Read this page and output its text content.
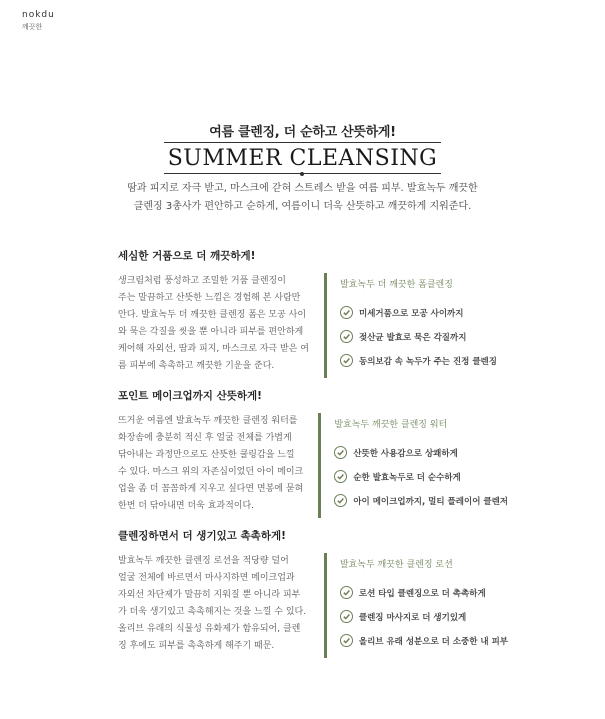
nokdu
깨끗한
여름 클렌징, 더 순하고 산뜻하게!
SUMMER CLEANSING
땀과 피지로 자극 받고, 마스크에 갇혀 스트레스 받을 여름 피부. 발효녹두 깨끗한
클렌징 3총사가 편안하고 순하게, 여름이니 더욱 산뜻하고 깨끗하게 지워준다.
세심한 거품으로 더 깨끗하게!
생크림처럼 풍성하고 조밀한 거품 클렌징이
주는 말끔하고 산뜻한 느낌은 경험해 본 사람만
안다. 발효녹두 더 깨끗한 클렌징 폼은 모공 사이
와 묵은 각질을 씻을 뿐 아니라 피부를 편안하게
케어해 자외선, 땀과 피지, 마스크로 자극 받은 여
름 피부에 촉촉하고 깨끗한 기운을 준다.
발효녹두 더 깨끗한 폼클렌징
미세거품으로 모공 사이까지
젖산균 발효로 묵은 각질까지
동의보감 속 녹두가 주는 진정 클렌징
포인트 메이크업까지 산뜻하게!
뜨거운 여름엔 발효녹두 깨끗한 클렌징 워터를
화장솜에 충분히 적신 후 얼굴 전체를 가볍게
닦아내는 과정만으로도 산뜻한 쿨링감을 느낄
수 있다. 마스크 위의 자존심이었던 아이 메이크
업을 좀 더 꼼꼼하게 지우고 싶다면 면봉에 묻혀
한번 더 닦아내면 더욱 효과적이다.
발효녹두 깨끗한 클렌징 워터
산뜻한 사용감으로 상쾌하게
순한 발효녹두로 더 순수하게
아이 메이크업까지, 멀티 플레이어 클렌저
클렌징하면서 더 생기있고 촉촉하게!
발효녹두 깨끗한 클렌징 로션을 적당량 덜어
얼굴 전체에 바르면서 마사지하면 메이크업과
자외선 차단제가 말끔히 지워질 뿐 아니라 피부
가 더욱 생기있고 촉촉해지는 것을 느낄 수 있다.
올리브 유래의 식물성 유화제가 함유되어, 클렌
징 후에도 피부를 촉촉하게 해주기 때문.
발효녹두 깨끗한 클렌징 로션
로션 타입 클렌징으로 더 촉촉하게
클렌징 마사지로 더 생기있게
올리브 유래 성분으로 더 소중한 내 피부
